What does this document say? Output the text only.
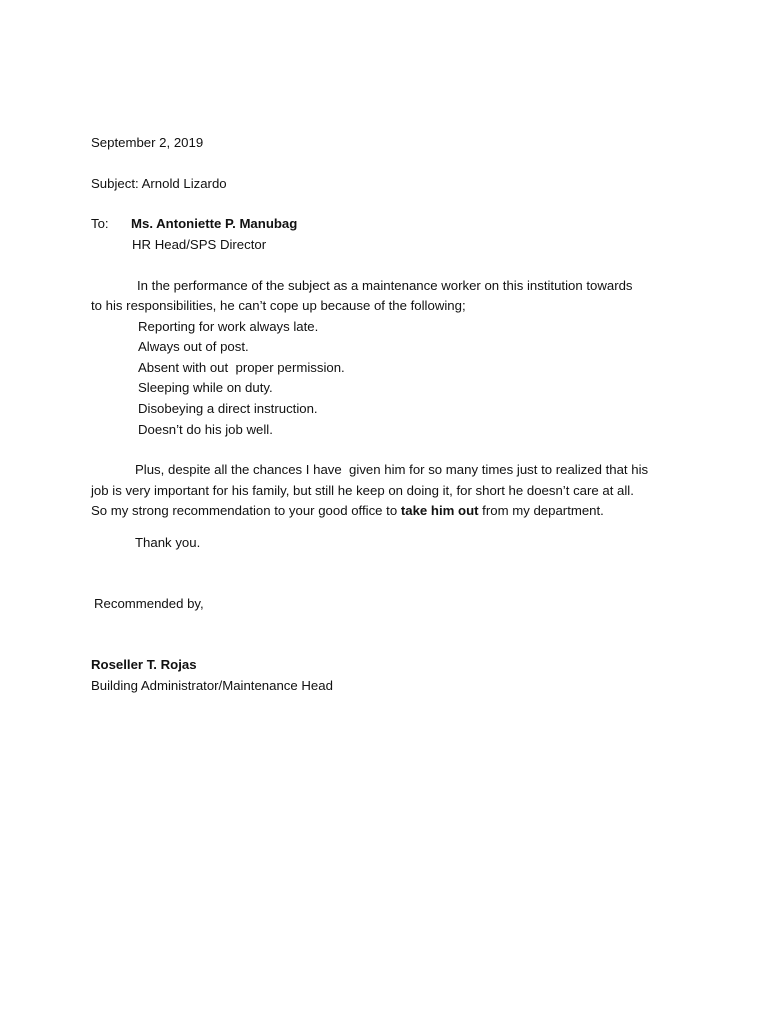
September 2, 2019
Subject: Arnold Lizardo
To: Ms. Antoniette P. Manubag
HR Head/SPS Director
In the performance of the subject as a maintenance worker on this institution towards
to his responsibilities, he can’t cope up because of the following;
Reporting for work always late.
Always out of post.
Absent with out  proper permission.
Sleeping while on duty.
Disobeying a direct instruction.
Doesn’t do his job well.
Plus, despite all the chances I have  given him for so many times just to realized that his
job is very important for his family, but still he keep on doing it, for short he doesn’t care at all.
So my strong recommendation to your good office to take him out from my department.
Thank you.
Recommended by,
Roseller T. Rojas
Building Administrator/Maintenance Head
